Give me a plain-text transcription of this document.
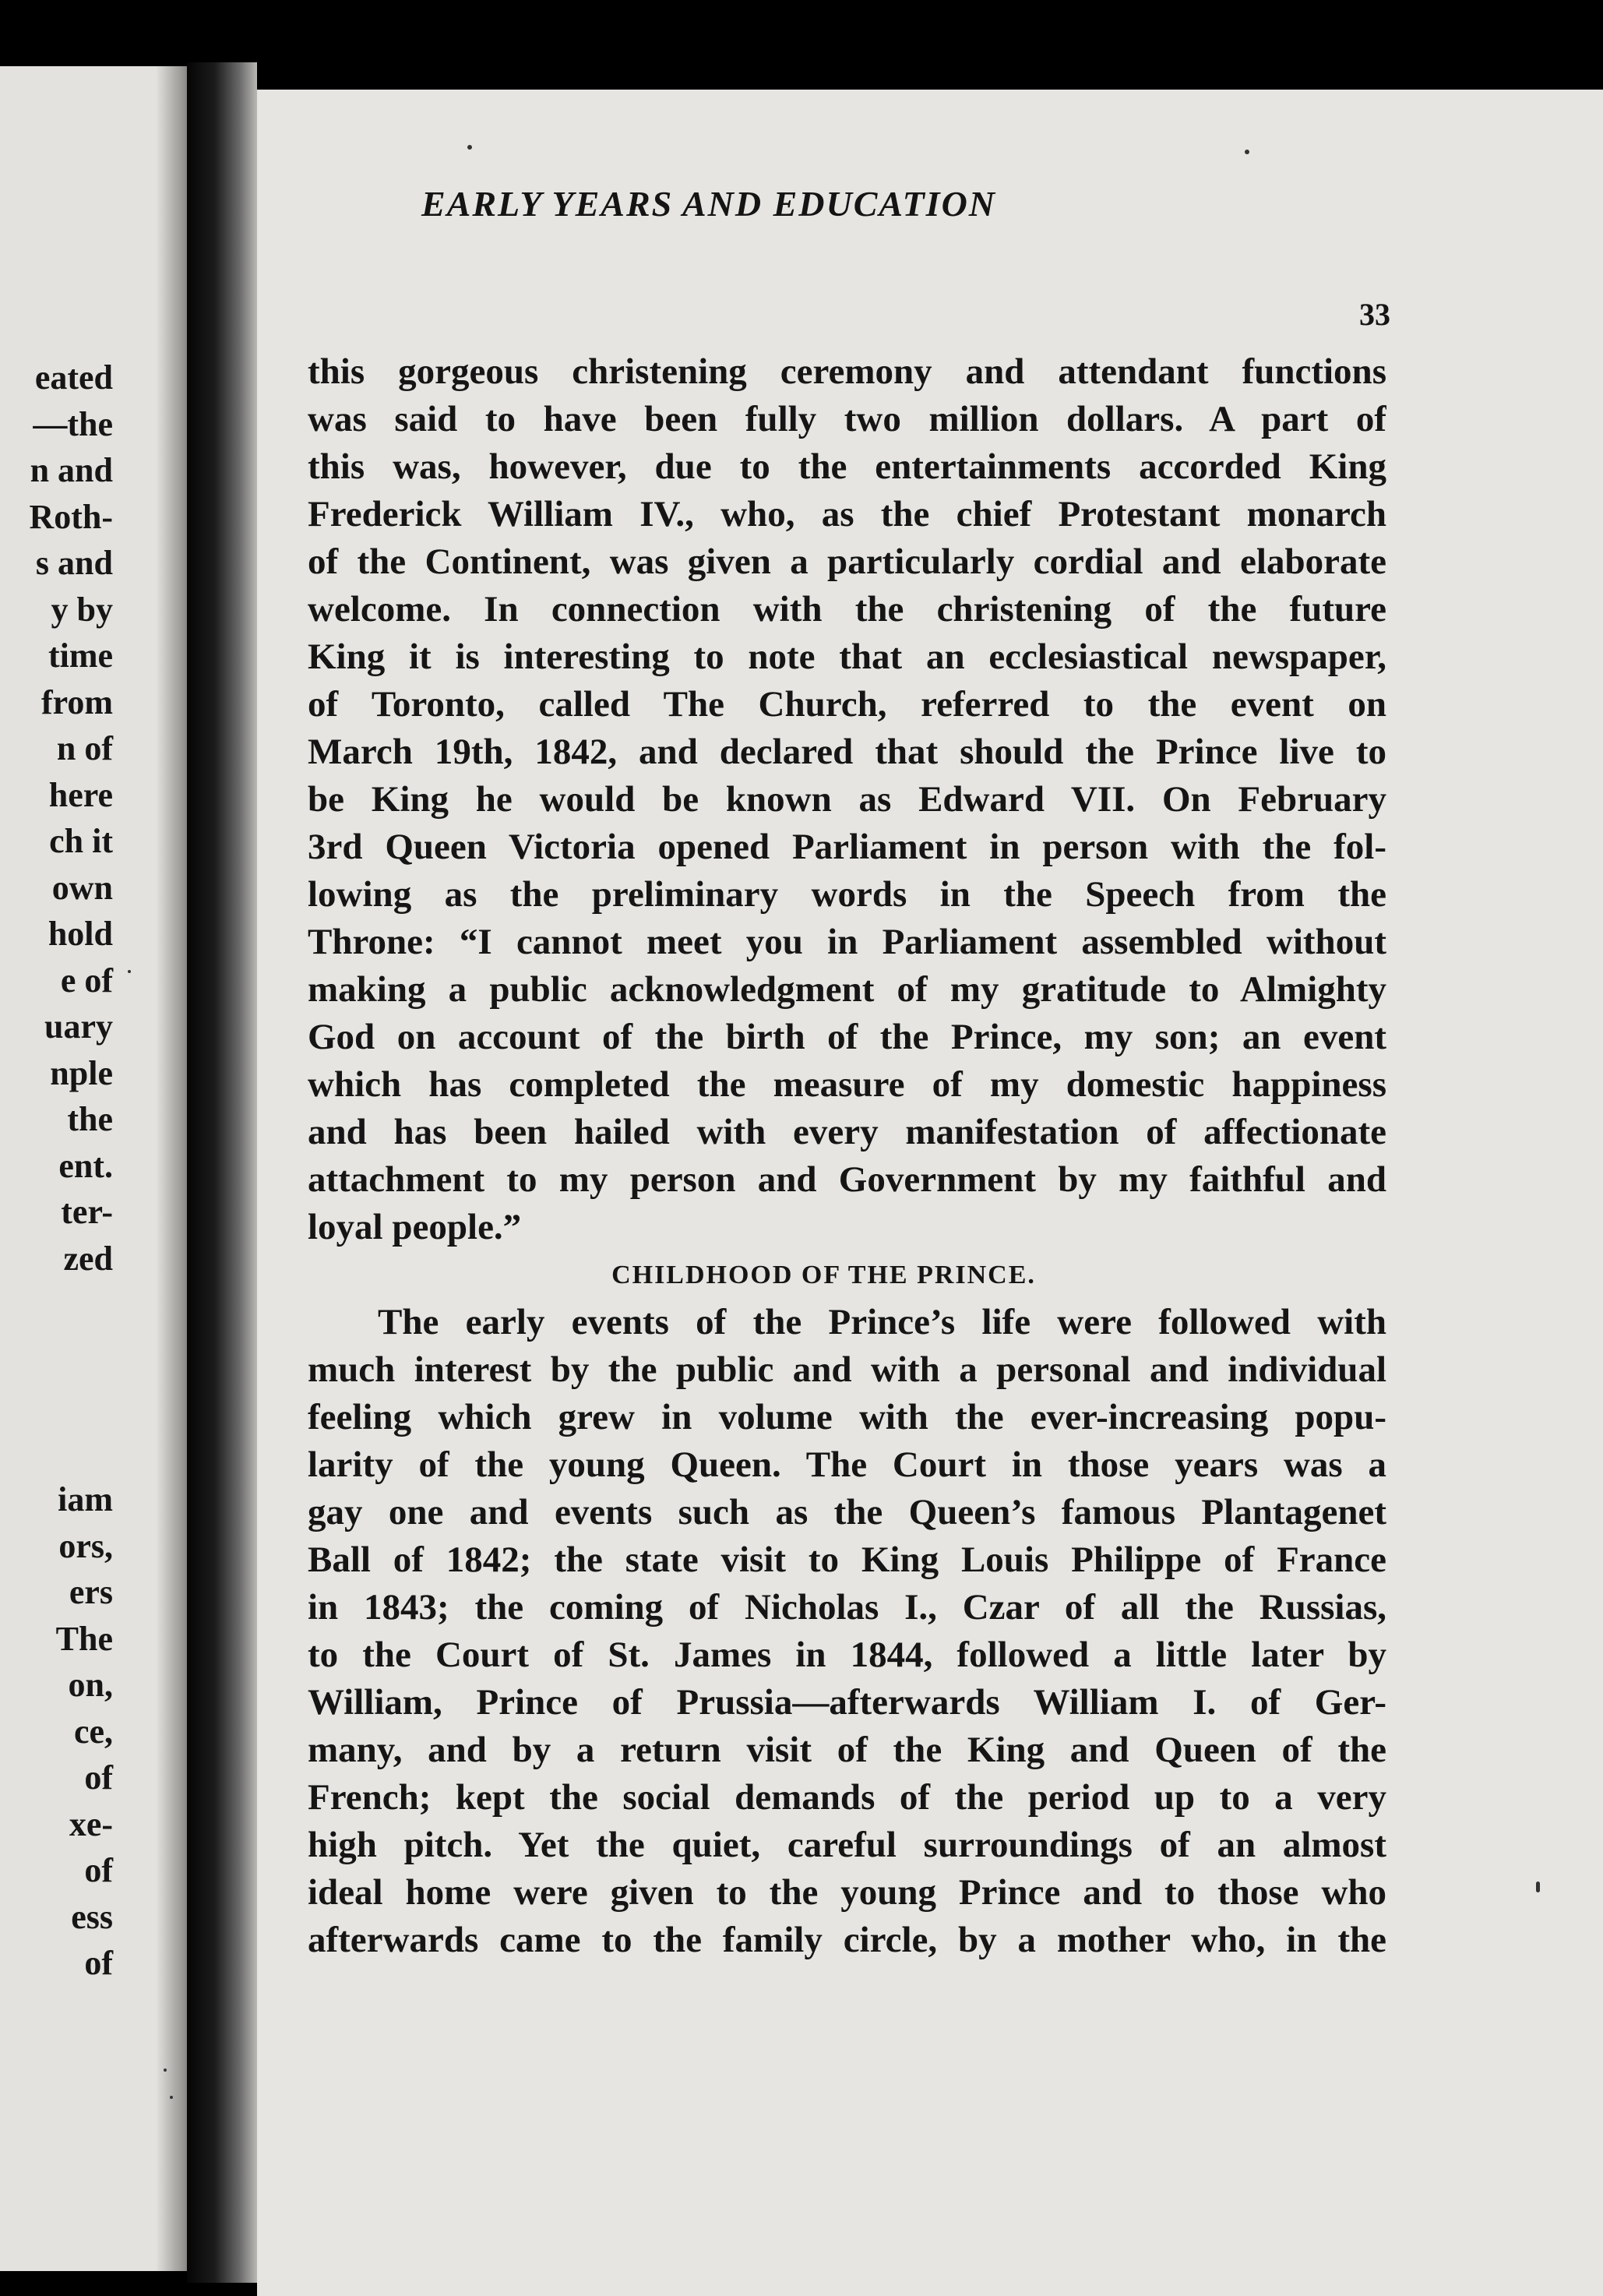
eated
—the
n and
Roth-
s and
y by
time
from
n of
here
ch it
own
hold
e of
uary
nple
the
ent.
ter-
zed
iam
ors,
ers
The
on,
ce,
of
xe-
of
ess
of
EARLY YEARS AND EDUCATION
33
this gorgeous christening ceremony and attendant functions
was said to have been fully two million dollars. A part of
this was, however, due to the entertainments accorded King
Frederick William IV., who, as the chief Protestant monarch
of the Continent, was given a particularly cordial and elaborate
welcome. In connection with the christening of the future
King it is interesting to note that an ecclesiastical newspaper,
of Toronto, called The Church, referred to the event on
March 19th, 1842, and declared that should the Prince live to
be King he would be known as Edward VII. On February
3rd Queen Victoria opened Parliament in person with the fol-
lowing as the preliminary words in the Speech from the
Throne: “I cannot meet you in Parliament assembled without
making a public acknowledgment of my gratitude to Almighty
God on account of the birth of the Prince, my son; an event
which has completed the measure of my domestic happiness
and has been hailed with every manifestation of affectionate
attachment to my person and Government by my faithful and
loyal people.”
CHILDHOOD OF THE PRINCE.
The early events of the Prince’s life were followed with
much interest by the public and with a personal and individual
feeling which grew in volume with the ever-increasing popu-
larity of the young Queen. The Court in those years was a
gay one and events such as the Queen’s famous Plantagenet
Ball of 1842; the state visit to King Louis Philippe of France
in 1843; the coming of Nicholas I., Czar of all the Russias,
to the Court of St. James in 1844, followed a little later by
William, Prince of Prussia—afterwards William I. of Ger-
many, and by a return visit of the King and Queen of the
French; kept the social demands of the period up to a very
high pitch. Yet the quiet, careful surroundings of an almost
ideal home were given to the young Prince and to those who
afterwards came to the family circle, by a mother who, in the
